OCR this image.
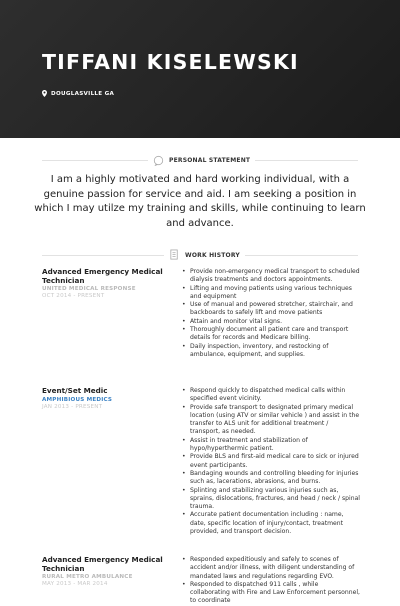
TIFFANI KISELEWSKI
DOUGLASVILLE GA
PERSONAL STATEMENT
I am a highly motivated and hard working individual, with a genuine passion for service and aid. I am seeking a position in which I may utilze my training and skills, while continuing to learn and advance.
WORK HISTORY
Advanced Emergency Medical Technician
UNITED MEDICAL RESPONSE
OCT 2014 - PRESENT
• Provide non-emergency medical transport to scheduled dialysis treatments and doctors appointments.
• Lifting and moving patients using various techniques and equipment
• Use of manual and powered stretcher, stairchair, and backboards to safely lift and move patients
• Attain and monitor vital signs.
• Thoroughly document all patient care and transport details for records and Medicare billing.
• Daily inspection, inventory, and restocking of ambulance, equipment, and supplies.
Event/Set Medic
AMPHIBIOUS MEDICS
JAN 2013 - PRESENT
• Respond quickly to dispatched medical calls within specified event vicinity.
• Provide safe transport to designated primary medical location (using ATV or similar vehicle ) and assist in the transfer to ALS unit for additional treatment / transport, as needed.
• Assist in treatment and stabilization of hypo/hyperthermic patient.
• Provide BLS and first-aid medical care to sick or injured event participants.
• Bandaging wounds and controlling bleeding for injuries such as, lacerations, abrasions, and burns.
• Splinting and stabilizing various injuries such as, sprains, dislocations, fractures, and head / neck / spinal trauma.
• Accurate patient documentation including : name, date, specific location of injury/contact, treatment provided, and transport decision.
Advanced Emergency Medical Technician
RURAL METRO AMBULANCE
MAY 2013 - MAR 2014
• Responded expeditiously and safely to scenes of accident and/or illness, with diligent understanding of mandated laws and regulations regarding EVO.
• Responded to dispatched 911 calls , while collaborating with Fire and Law Enforcement personnel, to coordinate
